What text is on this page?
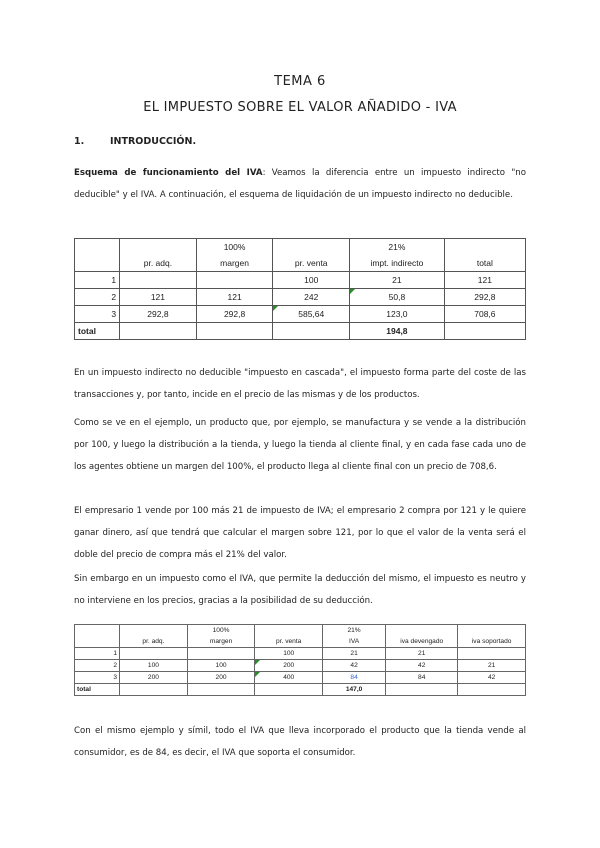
TEMA 6
EL IMPUESTO SOBRE EL VALOR AÑADIDO - IVA
1.	INTRODUCCIÓN.
Esquema de funcionamiento del IVA: Veamos la diferencia entre un impuesto indirecto "no deducible" y el IVA. A continuación, el esquema de liquidación de un impuesto indirecto no deducible.
		100%		21%	
	pr. adq.	margen	pr. venta	impt. indirecto	total
1			100	21	121
2	121	121	242	50,8	292,8
3	292,8	292,8	585,64	123,0	708,6
total				194,8	
En un impuesto indirecto no deducible "impuesto en cascada", el impuesto forma parte del coste de las transacciones y, por tanto, incide en el precio de las mismas y de los productos.
Como se ve en el ejemplo, un producto que, por ejemplo, se manufactura y se vende a la distribución por 100, y luego la distribución a la tienda, y luego la tienda al cliente final, y en cada fase cada uno de los agentes obtiene un margen del 100%, el producto llega al cliente final con un precio de 708,6.
El empresario 1 vende por 100 más 21 de impuesto de IVA; el empresario 2 compra por 121 y le quiere ganar dinero, así que tendrá que calcular el margen sobre 121, por lo que el valor de la venta será el doble del precio de compra más el 21% del valor.
Sin embargo en un impuesto como el IVA, que permite la deducción del mismo, el impuesto es neutro y no interviene en los precios, gracias a la posibilidad de su deducción.
		100%		21%		
	pr. adq.	margen	pr. venta	IVA	iva devengado	iva soportado
1			100	21	21	
2	100	100	200	42	42	21
3	200	200	400	84	84	42
total				147,0		
Con el mismo ejemplo y símil, todo el IVA que lleva incorporado el producto que la tienda vende al consumidor, es de 84, es decir, el IVA que soporta el consumidor.
